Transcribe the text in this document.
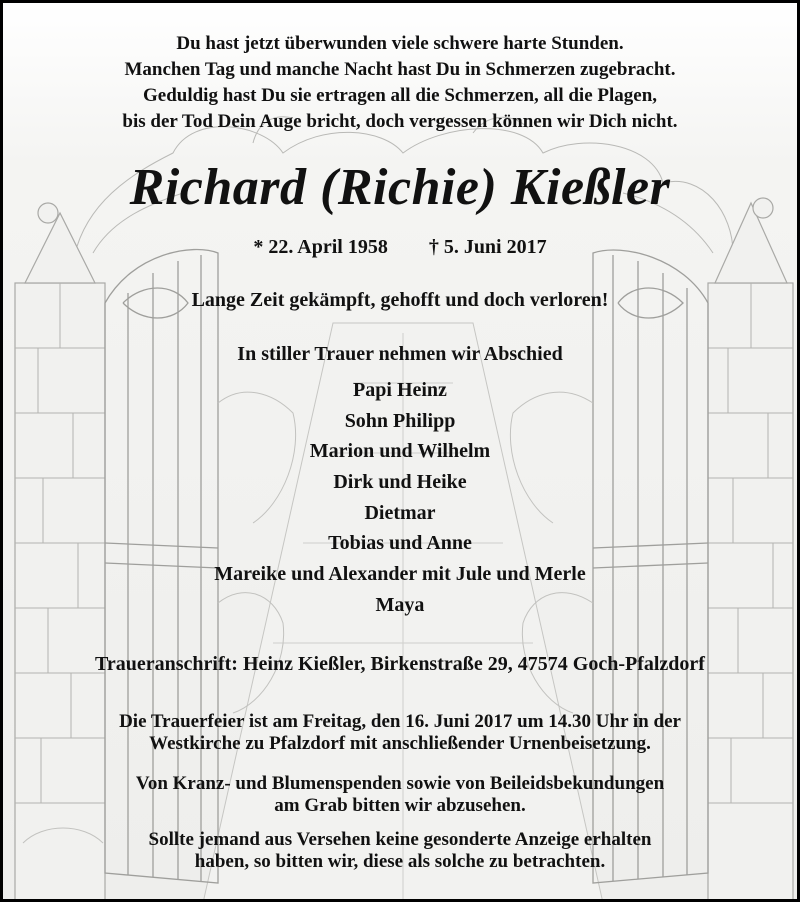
Du hast jetzt überwunden viele schwere harte Stunden.
Manchen Tag und manche Nacht hast Du in Schmerzen zugebracht.
Geduldig hast Du sie ertragen all die Schmerzen, all die Plagen,
bis der Tod Dein Auge bricht, doch vergessen können wir Dich nicht.
Richard (Richie) Kießler
* 22. April 1958 † 5. Juni 2017
Lange Zeit gekämpft, gehofft und doch verloren!
In stiller Trauer nehmen wir Abschied
Papi Heinz
Sohn Philipp
Marion und Wilhelm
Dirk und Heike
Dietmar
Tobias und Anne
Mareike und Alexander mit Jule und Merle
Maya
Traueranschrift: Heinz Kießler, Birkenstraße 29, 47574 Goch-Pfalzdorf
Die Trauerfeier ist am Freitag, den 16. Juni 2017 um 14.30 Uhr in der
Westkirche zu Pfalzdorf mit anschließender Urnenbeisetzung.
Von Kranz- und Blumenspenden sowie von Beileidsbekundungen
am Grab bitten wir abzusehen.
Sollte jemand aus Versehen keine gesonderte Anzeige erhalten
haben, so bitten wir, diese als solche zu betrachten.
